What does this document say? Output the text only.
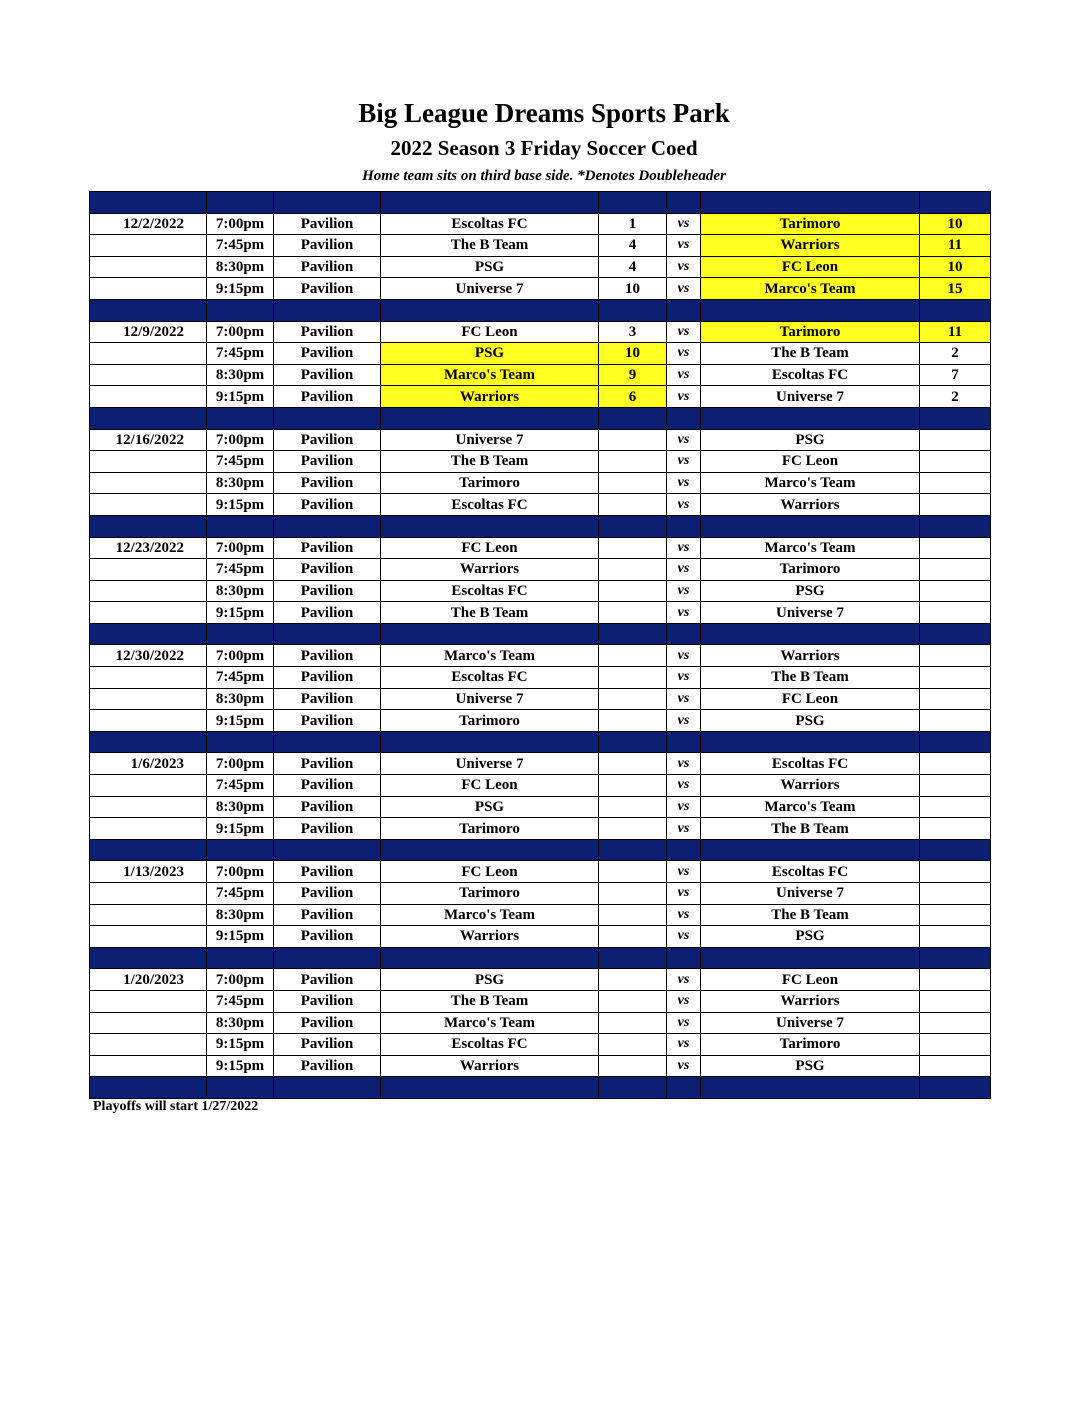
Big League Dreams Sports Park
2022 Season 3 Friday Soccer Coed
Home team sits on third base side. *Denotes Doubleheader

12/2/2022	7:00pm	Pavilion	Escoltas FC	1	vs	Tarimoro	10
	7:45pm	Pavilion	The B Team	4	vs	Warriors	11
	8:30pm	Pavilion	PSG	4	vs	FC Leon	10
	9:15pm	Pavilion	Universe 7	10	vs	Marco's Team	15

12/9/2022	7:00pm	Pavilion	FC Leon	3	vs	Tarimoro	11
	7:45pm	Pavilion	PSG	10	vs	The B Team	2
	8:30pm	Pavilion	Marco's Team	9	vs	Escoltas FC	7
	9:15pm	Pavilion	Warriors	6	vs	Universe 7	2

12/16/2022	7:00pm	Pavilion	Universe 7		vs	PSG	
	7:45pm	Pavilion	The B Team		vs	FC Leon	
	8:30pm	Pavilion	Tarimoro		vs	Marco's Team	
	9:15pm	Pavilion	Escoltas FC		vs	Warriors	

12/23/2022	7:00pm	Pavilion	FC Leon		vs	Marco's Team	
	7:45pm	Pavilion	Warriors		vs	Tarimoro	
	8:30pm	Pavilion	Escoltas FC		vs	PSG	
	9:15pm	Pavilion	The B Team		vs	Universe 7	

12/30/2022	7:00pm	Pavilion	Marco's Team		vs	Warriors	
	7:45pm	Pavilion	Escoltas FC		vs	The B Team	
	8:30pm	Pavilion	Universe 7		vs	FC Leon	
	9:15pm	Pavilion	Tarimoro		vs	PSG	

1/6/2023	7:00pm	Pavilion	Universe 7		vs	Escoltas FC	
	7:45pm	Pavilion	FC Leon		vs	Warriors	
	8:30pm	Pavilion	PSG		vs	Marco's Team	
	9:15pm	Pavilion	Tarimoro		vs	The B Team	

1/13/2023	7:00pm	Pavilion	FC Leon		vs	Escoltas FC	
	7:45pm	Pavilion	Tarimoro		vs	Universe 7	
	8:30pm	Pavilion	Marco's Team		vs	The B Team	
	9:15pm	Pavilion	Warriors		vs	PSG	

1/20/2023	7:00pm	Pavilion	PSG		vs	FC Leon	
	7:45pm	Pavilion	The B Team		vs	Warriors	
	8:30pm	Pavilion	Marco's Team		vs	Universe 7	
	9:15pm	Pavilion	Escoltas FC		vs	Tarimoro	
	9:15pm	Pavilion	Warriors		vs	PSG	

Playoffs will start 1/27/2022
